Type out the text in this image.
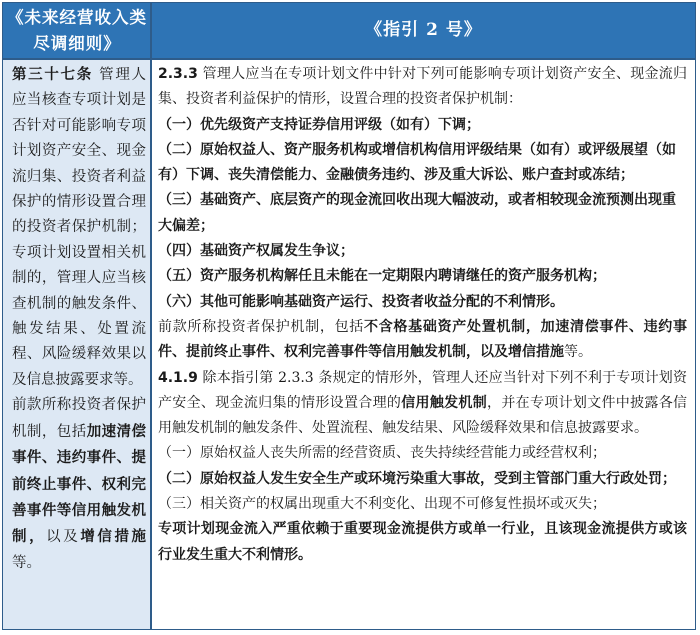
《未来经营收入类
尽调细则》
《指引 2 号》

第三十七条 管理人应当核查专项计划是否针对可能影响专项计划资产安全、现金流归集、投资者利益保护的情形设置合理的投资者保护机制；专项计划设置相关机制的，管理人应当核查机制的触发条件、触发结果、处置流程、风险缓释效果以及信息披露要求等。

前款所称投资者保护机制，包括加速清偿事件、违约事件、提前终止事件、权利完善事件等信用触发机制，以及增信措施等。

2.3.3 管理人应当在专项计划文件中针对下列可能影响专项计划资产安全、现金流归集、投资者利益保护的情形，设置合理的投资者保护机制：

（一）优先级资产支持证券信用评级（如有）下调；

（二）原始权益人、资产服务机构或增信机构信用评级结果（如有）或评级展望（如有）下调、丧失清偿能力、金融债务违约、涉及重大诉讼、账户查封或冻结；

（三）基础资产、底层资产的现金流回收出现大幅波动，或者相较现金流预测出现重大偏差；

（四）基础资产权属发生争议；

（五）资产服务机构解任且未能在一定期限内聘请继任的资产服务机构；

（六）其他可能影响基础资产运行、投资者收益分配的不利情形。

前款所称投资者保护机制，包括不含格基础资产处置机制，加速清偿事件、违约事件、提前终止事件、权利完善事件等信用触发机制，以及增信措施等。

4.1.9 除本指引第 2.3.3 条规定的情形外，管理人还应当针对下列不利于专项计划资产安全、现金流归集的情形设置合理的信用触发机制，并在专项计划文件中披露各信用触发机制的触发条件、处置流程、触发结果、风险缓释效果和信息披露要求。

（一）原始权益人丧失所需的经营资质、丧失持续经营能力或经营权利；

（二）原始权益人发生安全生产或环境污染重大事故，受到主管部门重大行政处罚；

（三）相关资产的权属出现重大不利变化、出现不可修复性损坏或灭失；

专项计划现金流入严重依赖于重要现金流提供方或单一行业，且该现金流提供方或该行业发生重大不利情形。
